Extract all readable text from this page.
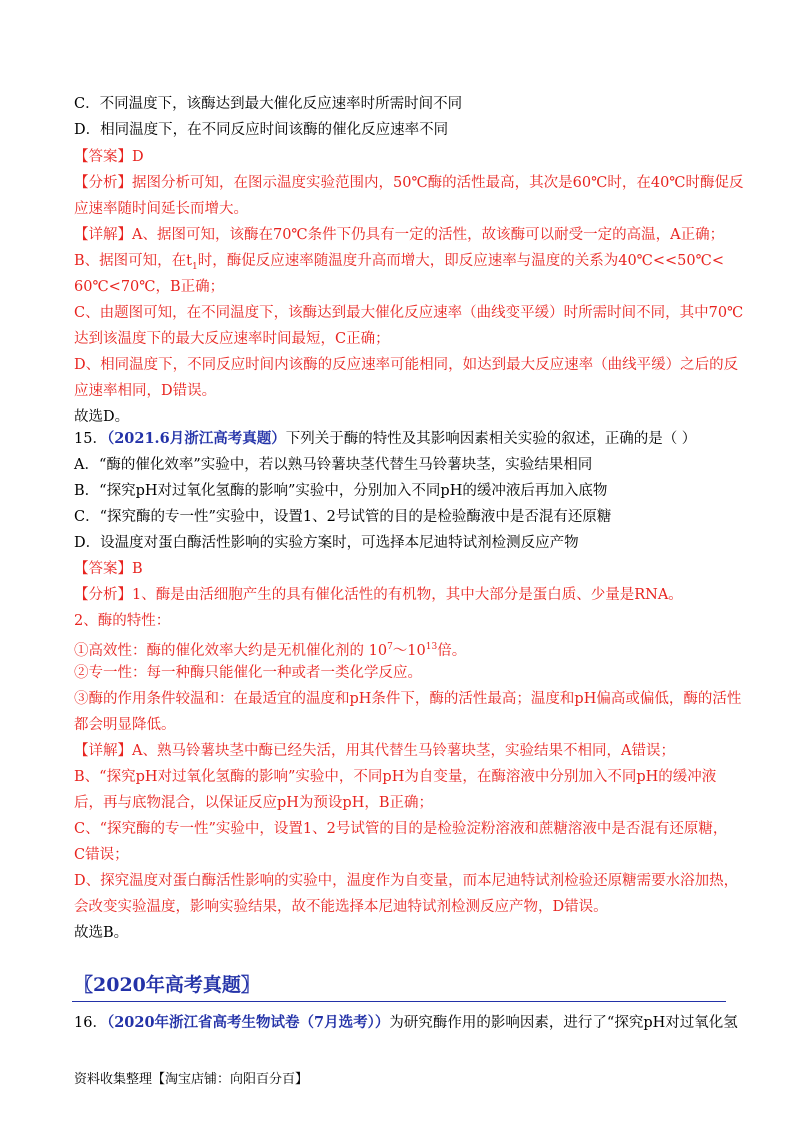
C．不同温度下，该酶达到最大催化反应速率时所需时间不同
D．相同温度下，在不同反应时间该酶的催化反应速率不同
【答案】D
【分析】据图分析可知，在图示温度实验范围内，50℃酶的活性最高，其次是60℃时，在40℃时酶促反
应速率随时间延长而增大。
【详解】A、据图可知，该酶在70℃条件下仍具有一定的活性，故该酶可以耐受一定的高温，A正确；
B、据图可知，在$t_1$时，酶促反应速率随温度升高而增大，即反应速率与温度的关系为40℃<<50℃<
60℃<70℃，B正确；
C、由题图可知，在不同温度下，该酶达到最大催化反应速率（曲线变平缓）时所需时间不同，其中70℃
达到该温度下的最大反应速率时间最短，C正确；
D、相同温度下，不同反应时间内该酶的反应速率可能相同，如达到最大反应速率（曲线平缓）之后的反
应速率相同，D错误。
故选D。
15．（2021.6月浙江高考真题）下列关于酶的特性及其影响因素相关实验的叙述，正确的是（ ）
A．“酶的催化效率”实验中，若以熟马铃薯块茎代替生马铃薯块茎，实验结果相同
B．“探究pH对过氧化氢酶的影响”实验中，分别加入不同pH的缓冲液后再加入底物
C．“探究酶的专一性”实验中，设置1、2号试管的目的是检验酶液中是否混有还原糖
D．设温度对蛋白酶活性影响的实验方案时，可选择本尼迪特试剂检测反应产物
【答案】B
【分析】1、酶是由活细胞产生的具有催化活性的有机物，其中大部分是蛋白质、少量是RNA。
2、酶的特性：
①高效性：酶的催化效率大约是无机催化剂的 $10^7\sim 10^{13}$倍。
②专一性：每一种酶只能催化一种或者一类化学反应。
③酶的作用条件较温和：在最适宜的温度和pH条件下，酶的活性最高；温度和pH偏高或偏低，酶的活性
都会明显降低。
【详解】A、熟马铃薯块茎中酶已经失活，用其代替生马铃薯块茎，实验结果不相同，A错误；
B、“探究pH对过氧化氢酶的影响”实验中，不同pH为自变量，在酶溶液中分别加入不同pH的缓冲液
后，再与底物混合，以保证反应pH为预设pH，B正确；
C、“探究酶的专一性”实验中，设置1、2号试管的目的是检验淀粉溶液和蔗糖溶液中是否混有还原糖，
C错误；
D、探究温度对蛋白酶活性影响的实验中，温度作为自变量，而本尼迪特试剂检验还原糖需要水浴加热，
会改变实验温度，影响实验结果，故不能选择本尼迪特试剂检测反应产物，D错误。
故选B。
〖2020年高考真题〗
16．（2020年浙江省高考生物试卷（7月选考））为研究酶作用的影响因素，进行了“探究pH对过氧化氢
资料收集整理【淘宝店铺：向阳百分百】
